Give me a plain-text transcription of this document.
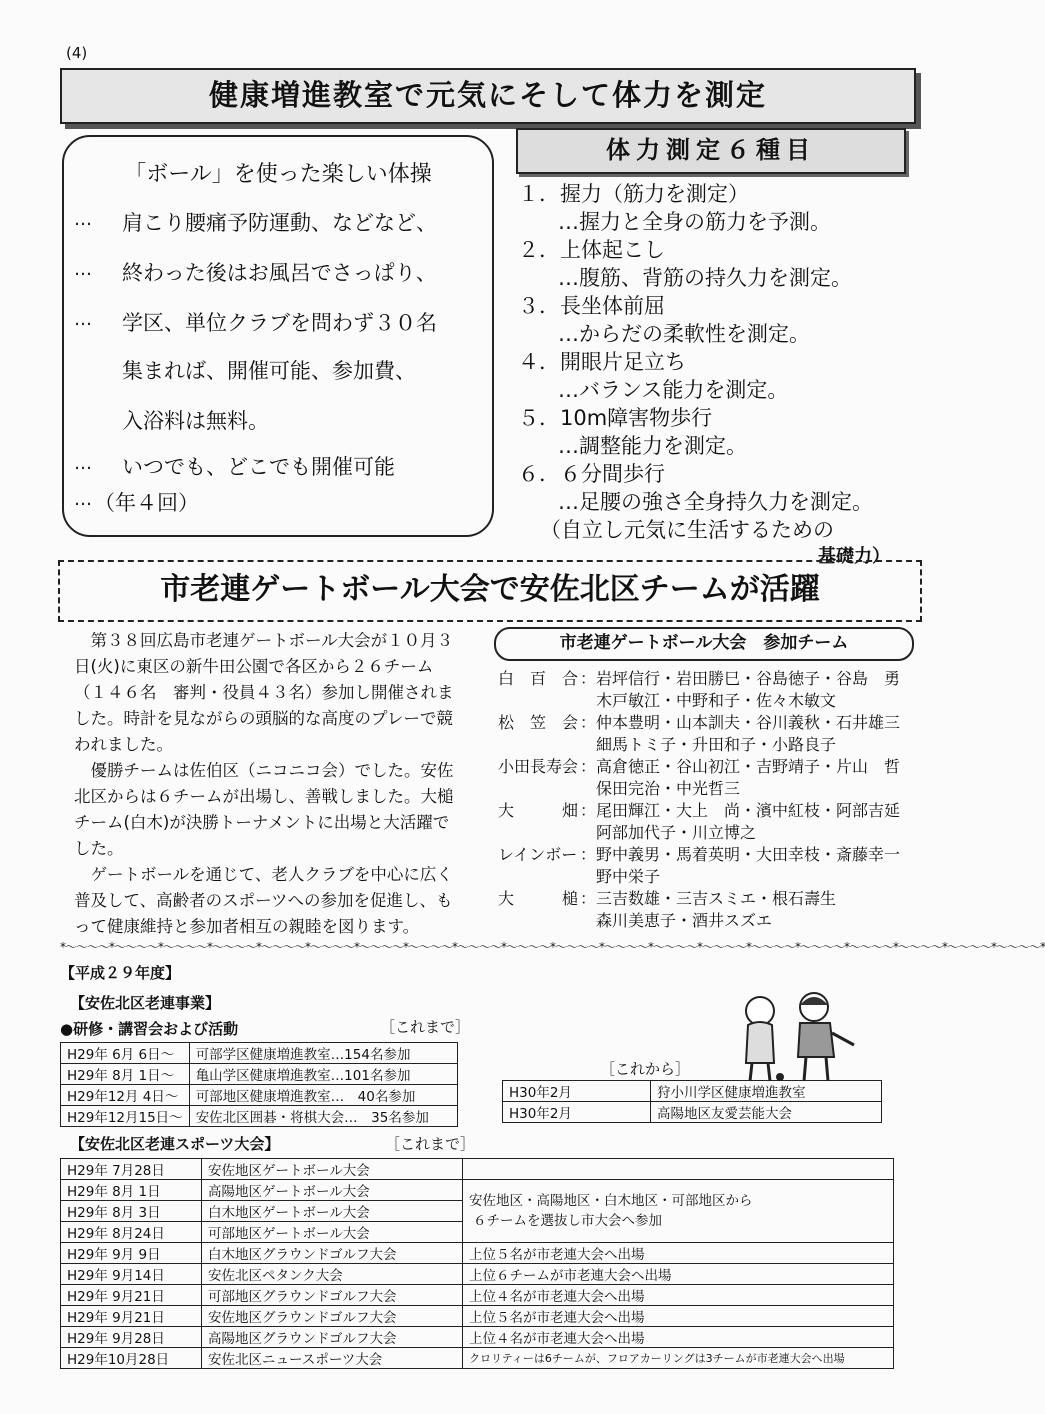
(4)
健康増進教室で元気にそして体力を測定
「ボール」を使った楽しい体操
… 肩こり腰痛予防運動、などなど、
… 終わった後はお風呂でさっぱり、
… 学区、単位クラブを問わず３０名
集まれば、開催可能、参加費、
入浴料は無料。
… いつでも、どこでも開催可能
… （年４回）
体力測定６種目
１．握力（筋力を測定）
…握力と全身の筋力を予測。
２．上体起こし
…腹筋、背筋の持久力を測定。
３．長坐体前屈
…からだの柔軟性を測定。
４．開眼片足立ち
…バランス能力を測定。
５．10m障害物歩行
…調整能力を測定。
６．６分間歩行
…足腰の強さ全身持久力を測定。
（自立し元気に生活するための
基礎力）
市老連ゲートボール大会で安佐北区チームが活躍

第３８回広島市老連ゲートボール大会が１０月３日(火)に東区の新牛田公園で各区から２６チーム（１４６名　審判・役員４３名）参加し開催されました。時計を見ながらの頭脳的な高度のプレーで競われました。

優勝チームは佐伯区（ニコニコ会）でした。安佐北区からは６チームが出場し、善戦しました。大槌チーム(白木)が決勝トーナメントに出場と大活躍でした。

ゲートボールを通じて、老人クラブを中心に広く普及して、高齢者のスポーツへの参加を促進し、もって健康維持と参加者相互の親睦を図ります。

市老連ゲートボール大会　参加チーム
白　百　合 ：岩坪信行・岩田勝巳・谷島徳子・谷島　勇
木戸敏江・中野和子・佐々木敏文
松　笠　会 ：仲本豊明・山本訓夫・谷川義秋・石井雄三
細馬トミ子・升田和子・小路良子
小田長寿会 ：高倉徳正・谷山初江・吉野靖子・片山　哲
保田完治・中光哲三
大　　　畑 ：尾田輝江・大上　尚・濱中紅枝・阿部吉延
阿部加代子・川立博之
レインボー ：野中義男・馬着英明・大田幸枝・斎藤幸一
野中栄子
大　　　槌 ：三吉数雄・三吉スミエ・根石壽生
森川美恵子・酒井スズエ
*〜〜〜〜*〜〜〜〜*〜〜〜〜*〜〜〜〜*〜〜〜〜*〜〜〜〜*〜〜〜〜*〜〜〜〜*〜〜〜〜*〜〜〜〜*〜〜〜〜*〜〜〜〜*〜〜〜〜*〜〜〜〜*〜〜〜〜*〜〜〜〜*〜〜〜〜*〜〜〜〜*〜〜〜〜*〜〜〜〜*
【平成２９年度】
【安佐北区老連事業】
●研修・講習会および活動	［これまで］
［これから］
H29年 6月 6日〜	可部学区健康増進教室…154名参加
H29年 8月 1日〜	亀山学区健康増進教室…101名参加
H29年12月 4日〜	可部地区健康増進教室…　40名参加
H29年12月15日〜	安佐北区囲碁・将棋大会…　35名参加
H30年2月	狩小川学区健康増進教室
H30年2月	高陽地区友愛芸能大会
【安佐北区老連スポーツ大会】	［これまで］
H29年 7月28日	安佐地区ゲートボール大会	
H29年 8月 1日	高陽地区ゲートボール大会	安佐地区・高陽地区・白木地区・可部地区から
６チームを選抜し市大会へ参加

H29年 8月 3日	白木地区ゲートボール大会	
H29年 8月24日	可部地区ゲートボール大会	
H29年 9月 9日	白木地区グラウンドゴルフ大会	上位５名が市老連大会へ出場
H29年 9月14日	安佐北区ペタンク大会	上位６チームが市老連大会へ出場
H29年 9月21日	可部地区グラウンドゴルフ大会	上位４名が市老連大会へ出場
H29年 9月21日	安佐地区グラウンドゴルフ大会	上位５名が市老連大会へ出場
H29年 9月28日	高陽地区グラウンドゴルフ大会	上位４名が市老連大会へ出場
H29年10月28日	安佐北区ニュースポーツ大会	クロリティーは6チームが、フロアカーリングは3チームが市老連大会へ出場
